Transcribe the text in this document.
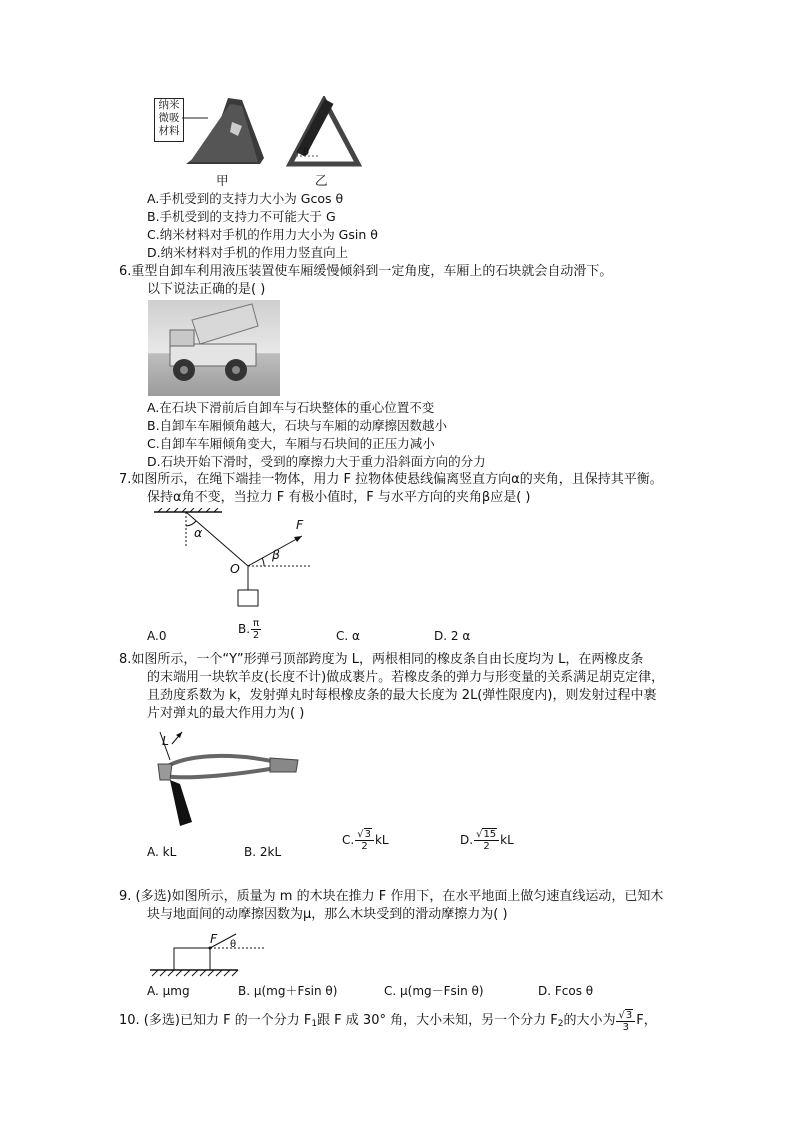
纳米
微吸
材料
θ
甲	乙
A.手机受到的支持力大小为 Gcos θ
B.手机受到的支持力不可能大于 G
C.纳米材料对手机的作用力大小为 Gsin θ
D.纳米材料对手机的作用力竖直向上
6.重型自卸车利用液压装置使车厢缓慢倾斜到一定角度，车厢上的石块就会自动滑下。
以下说法正确的是( )
A.在石块下滑前后自卸车与石块整体的重心位置不变
B.自卸车车厢倾角越大，石块与车厢的动摩擦因数越小
C.自卸车车厢倾角变大，车厢与石块间的正压力减小
D.石块开始下滑时，受到的摩擦力大于重力沿斜面方向的分力
7.如图所示，在绳下端挂一物体，用力 F 拉物体使悬线偏离竖直方向α的夹角，且保持其平衡。
保持α角不变，当拉力 F 有极小值时，F 与水平方向的夹角β应是( )
α
β
O
F
A.0	B. $\frac{\pi}{2}$	C. α	D. 2 α
8.如图所示，一个“Y”形弹弓顶部跨度为 L，两根相同的橡皮条自由长度均为 L，在两橡皮条
的末端用一块软羊皮(长度不计)做成裹片。若橡皮条的弹力与形变量的关系满足胡克定律，
且劲度系数为 k，发射弹丸时每根橡皮条的最大长度为 2L(弹性限度内)，则发射过程中裹
片对弹丸的最大作用力为( )
L
A. kL	B. 2kL
C. $\frac{√3}{2}$ kL	D. $\frac{√15}{2}$ kL
9. (多选)如图所示，质量为 m 的木块在推力 F 作用下，在水平地面上做匀速直线运动，已知木
块与地面间的动摩擦因数为μ，那么木块受到的滑动摩擦力为( )
F θ
A. μmg	B. μ(mg＋Fsin θ)	C. μ(mg－Fsin θ)	D. Fcos θ
10. (多选)已知力 F 的一个分力 $F_1$跟 F 成 30° 角，大小未知，另一个分力 $F_2$的大小为 $\frac{√3}{3}$ F，
